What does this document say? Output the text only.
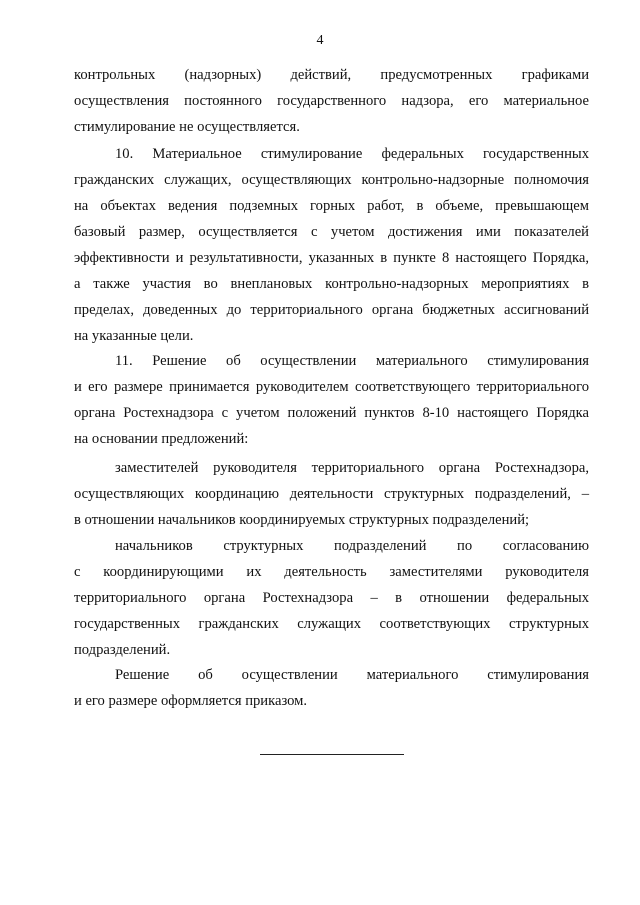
4
контрольных (надзорных) действий, предусмотренных графиками
осуществления постоянного государственного надзора, его материальное
стимулирование не осуществляется.
10. Материальное стимулирование федеральных государственных
гражданских служащих, осуществляющих контрольно-надзорные полномочия
на объектах ведения подземных горных работ, в объеме, превышающем
базовый размер, осуществляется с учетом достижения ими показателей
эффективности и результативности, указанных в пункте 8 настоящего Порядка,
а также участия во внеплановых контрольно-надзорных мероприятиях в
пределах, доведенных до территориального органа бюджетных ассигнований
на указанные цели.
11. Решение об осуществлении материального стимулирования
и его размере принимается руководителем соответствующего территориального
органа Ростехнадзора с учетом положений пунктов 8-10 настоящего Порядка
на основании предложений:
заместителей руководителя территориального органа Ростехнадзора,
осуществляющих координацию деятельности структурных подразделений, –
в отношении начальников координируемых структурных подразделений;
начальников структурных подразделений по согласованию
с координирующими их деятельность заместителями руководителя
территориального органа Ростехнадзора – в отношении федеральных
государственных гражданских служащих соответствующих структурных
подразделений.
Решение об осуществлении материального стимулирования
и его размере оформляется приказом.
